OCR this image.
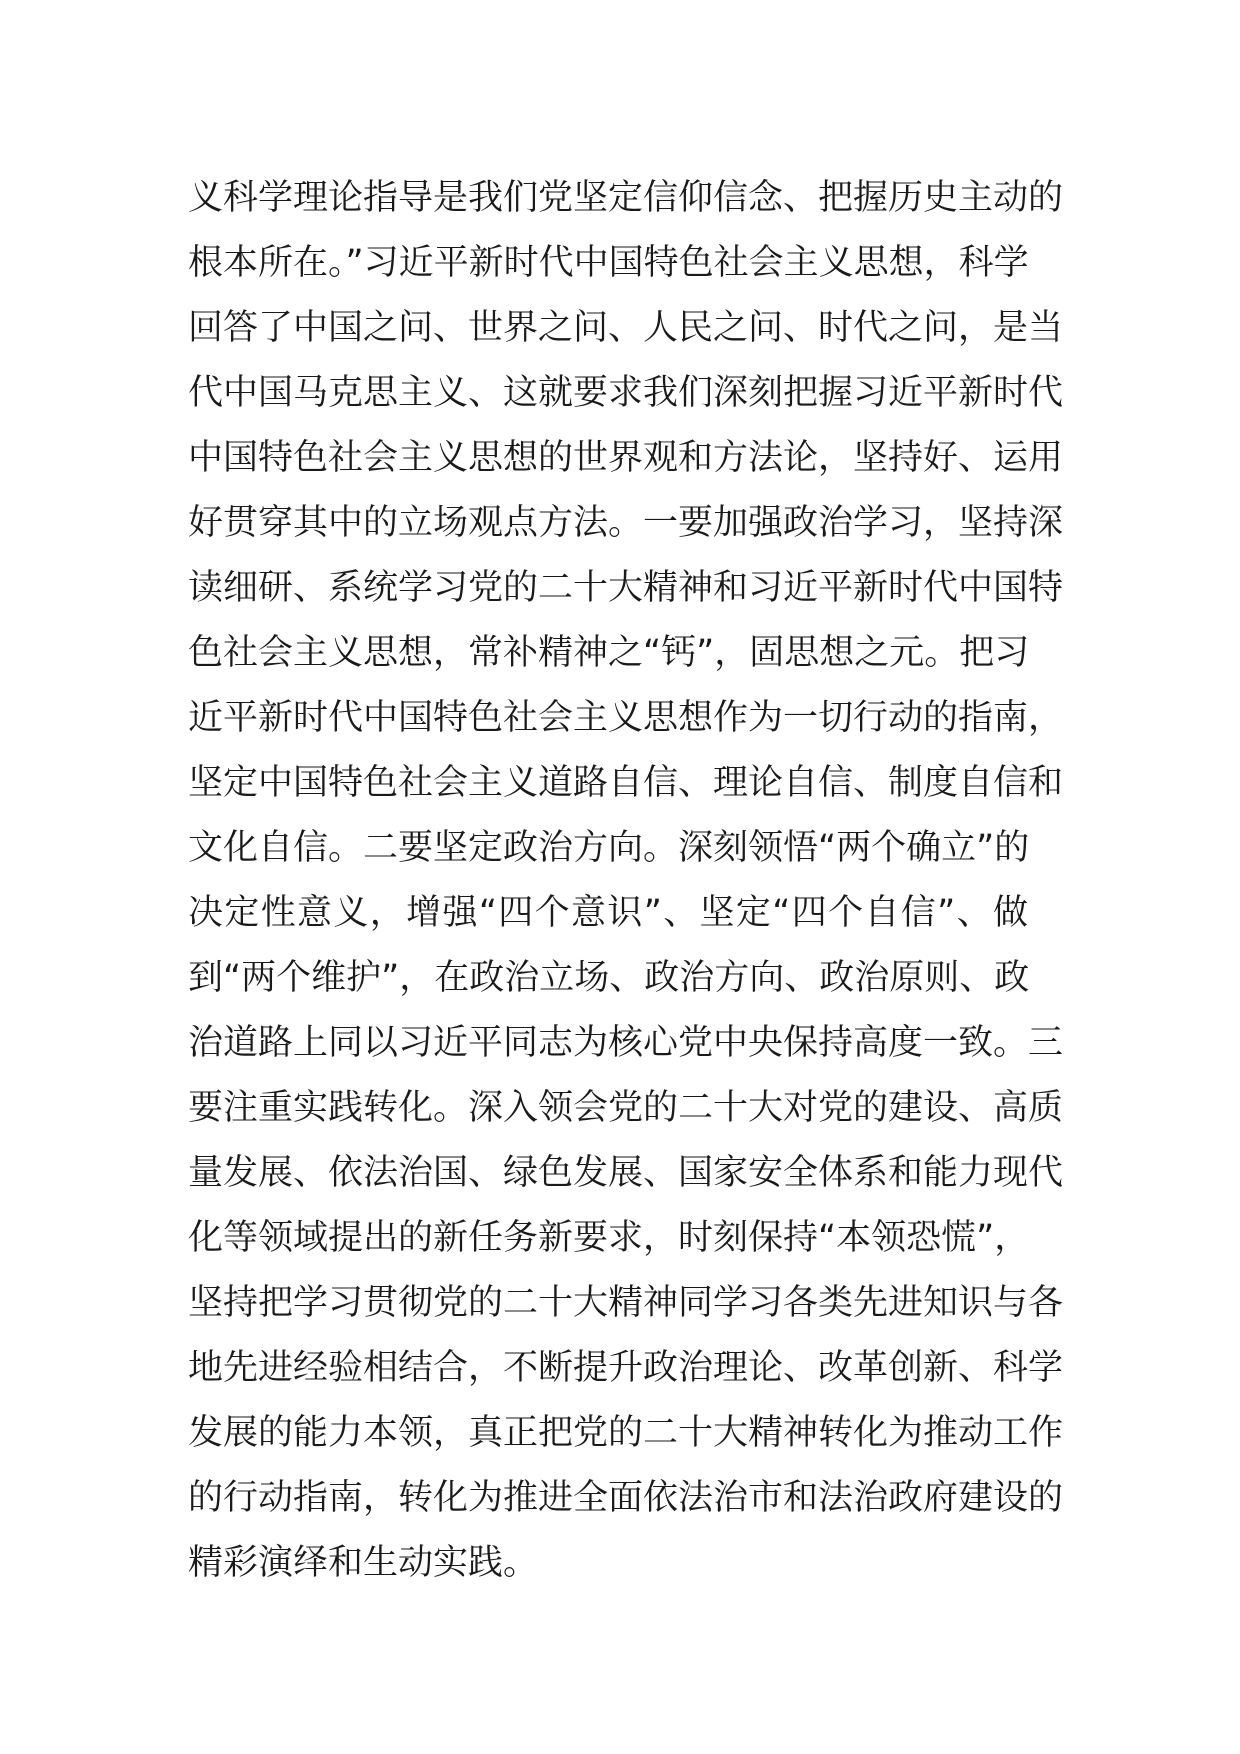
义科学理论指导是我们党坚定信仰信念、把握历史主动的
根本所在。”习近平新时代中国特色社会主义思想，科学
回答了中国之问、世界之问、人民之问、时代之问，是当
代中国马克思主义、这就要求我们深刻把握习近平新时代
中国特色社会主义思想的世界观和方法论，坚持好、运用
好贯穿其中的立场观点方法。一要加强政治学习，坚持深
读细研、系统学习党的二十大精神和习近平新时代中国特
色社会主义思想，常补精神之“钙”，固思想之元。把习
近平新时代中国特色社会主义思想作为一切行动的指南，
坚定中国特色社会主义道路自信、理论自信、制度自信和
文化自信。二要坚定政治方向。深刻领悟“两个确立”的
决定性意义，增强“四个意识”、坚定“四个自信”、做
到“两个维护”，在政治立场、政治方向、政治原则、政
治道路上同以习近平同志为核心党中央保持高度一致。三
要注重实践转化。深入领会党的二十大对党的建设、高质
量发展、依法治国、绿色发展、国家安全体系和能力现代
化等领域提出的新任务新要求，时刻保持“本领恐慌”，
坚持把学习贯彻党的二十大精神同学习各类先进知识与各
地先进经验相结合，不断提升政治理论、改革创新、科学
发展的能力本领，真正把党的二十大精神转化为推动工作
的行动指南，转化为推进全面依法治市和法治政府建设的
精彩演绎和生动实践。
